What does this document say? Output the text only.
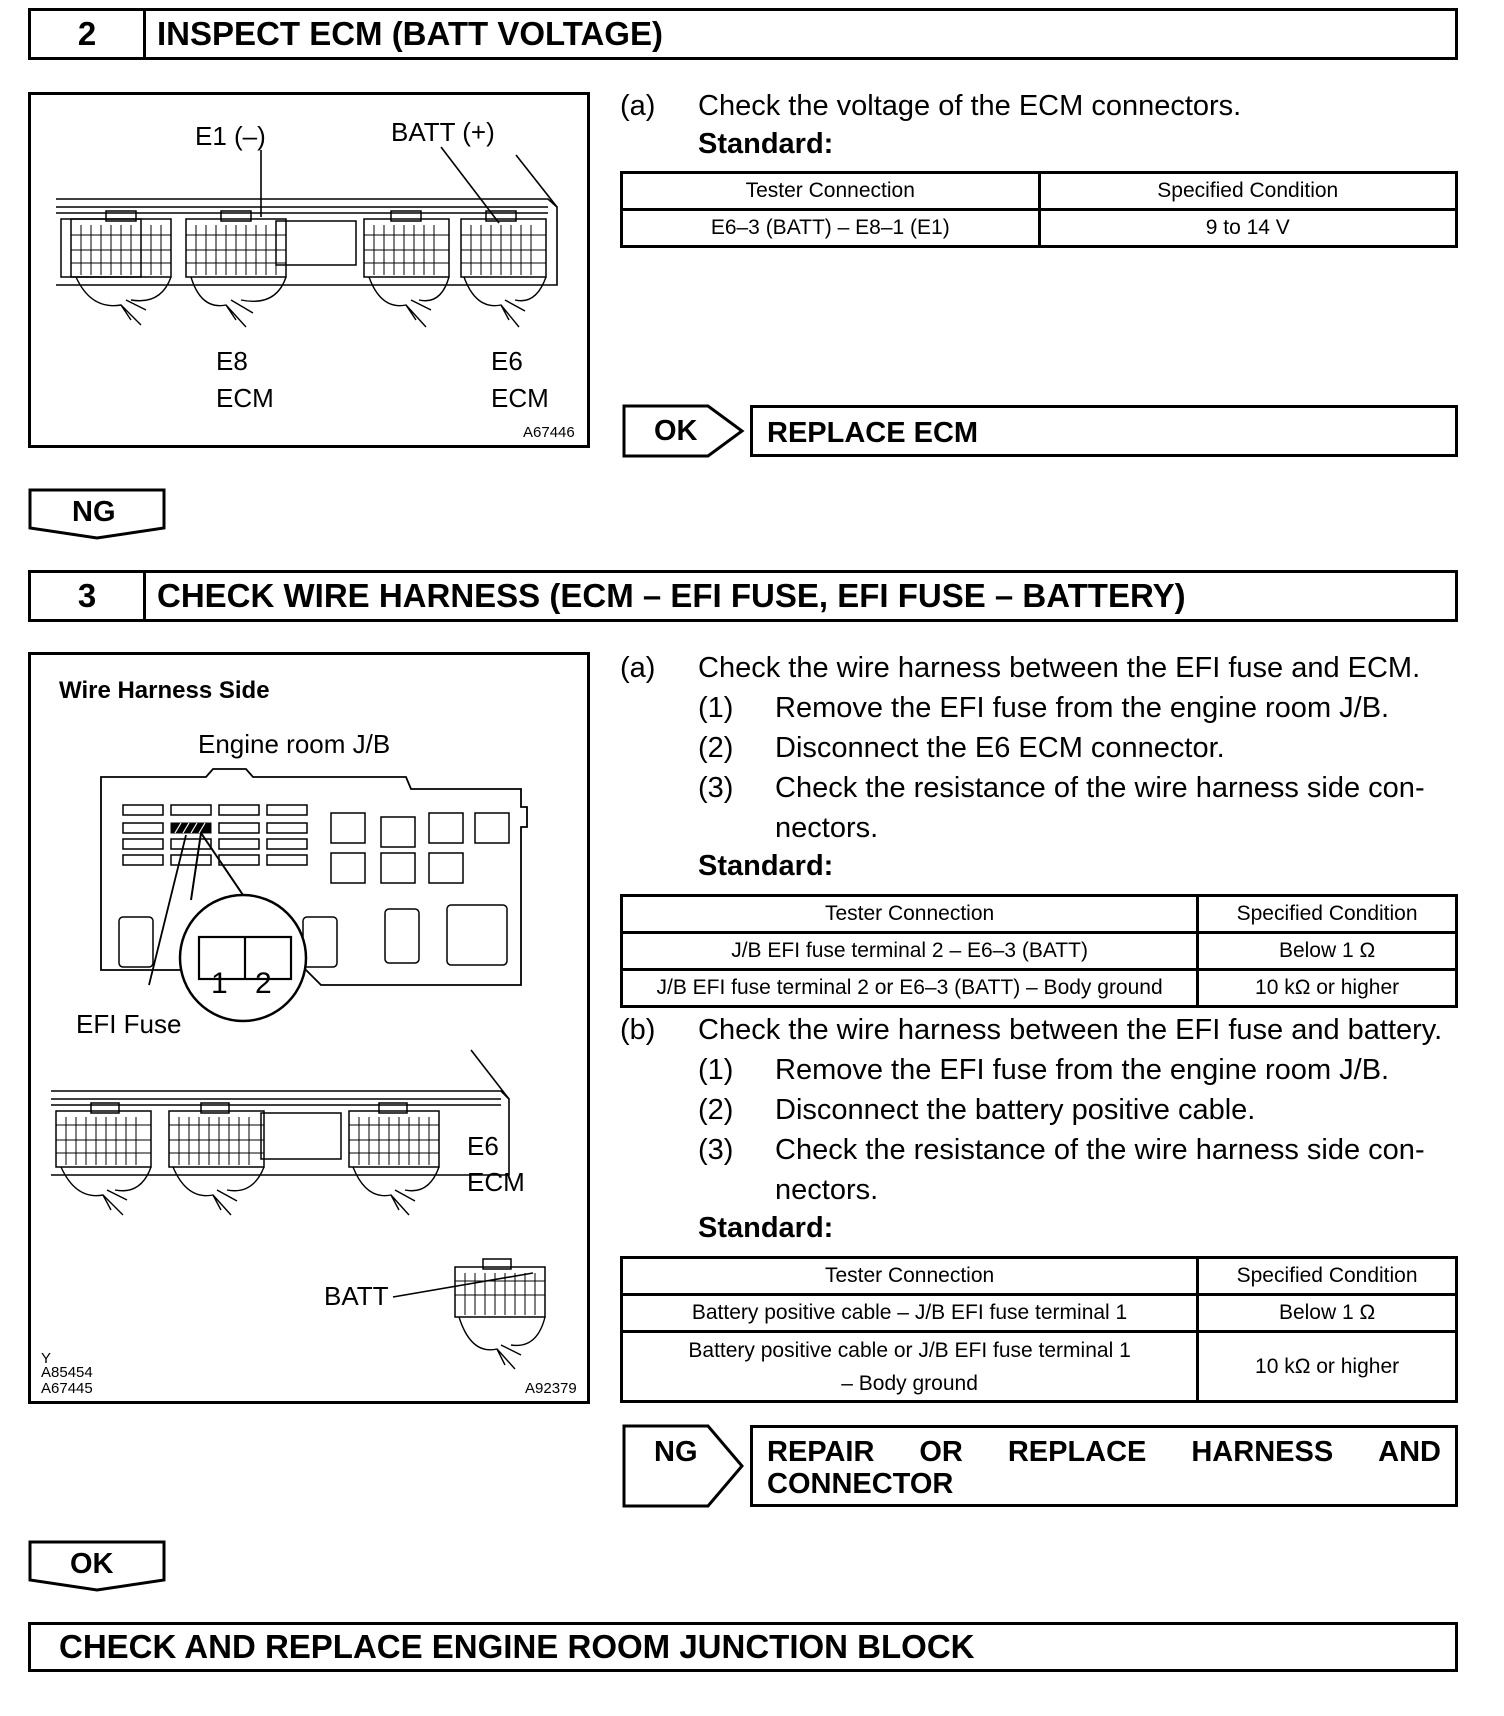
2	INSPECT ECM (BATT VOLTAGE)
E1 (–)	BATT (+)
E8
ECM
E6
ECM
A67446
(a) Check the voltage of the ECM connectors.
Standard:
Tester Connection	Specified Condition
E6–3 (BATT) – E8–1 (E1)	9 to 14 V
OK REPLACE ECM
NG
3	CHECK WIRE HARNESS (ECM – EFI FUSE, EFI FUSE – BATTERY)
Wire Harness Side
Engine room J/B
1 2
EFI Fuse
E6
ECM
BATT
Y
A85454
A67445	A92379
(a) Check the wire harness between the EFI fuse and ECM.
(1) Remove the EFI fuse from the engine room J/B.
(2) Disconnect the E6 ECM connector.
(3) Check the resistance of the wire harness side con-
nectors.
Standard:
Tester Connection	Specified Condition
J/B EFI fuse terminal 2 – E6–3 (BATT)	Below 1 Ω
J/B EFI fuse terminal 2 or E6–3 (BATT) – Body ground	10 kΩ or higher
(b) Check the wire harness between the EFI fuse and battery.
(1) Remove the EFI fuse from the engine room J/B.
(2) Disconnect the battery positive cable.
(3) Check the resistance of the wire harness side con-
nectors.
Standard:
Tester Connection	Specified Condition
Battery positive cable – J/B EFI fuse terminal 1	Below 1 Ω
Battery positive cable or J/B EFI fuse terminal 1
– Body ground	10 kΩ or higher
NG REPAIR OR REPLACE HARNESS AND
CONNECTOR
OK
CHECK AND REPLACE ENGINE ROOM JUNCTION BLOCK
